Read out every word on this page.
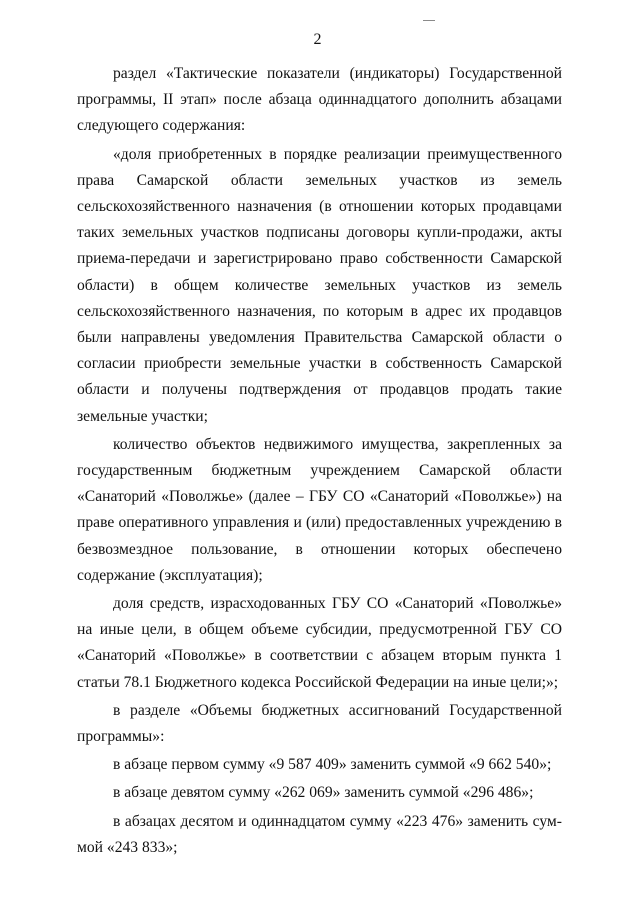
2

раздел «Тактические показатели (индикаторы) Государственной программы, II этап» после абзаца одиннадцатого дополнить абзацами следующего содержания:

«доля приобретенных в порядке реализации преимущественного права Самарской области земельных участков из земель сельскохозяйственного назначения (в отношении которых продавцами таких земельных участков подписаны договоры купли-продажи, акты приема-передачи и зарегистрировано право собственности Самарской области) в общем количестве земельных участков из земель сельскохозяйственного назначения, по которым в адрес их продавцов были направлены уведомления Правительства Самарской области о согласии приобрести земельные участки в собственность Самарской области и получены подтверждения от продавцов продать такие земельные участки;

количество объектов недвижимого имущества, закрепленных за государственным бюджетным учреждением Самарской области «Санаторий «Поволжье» (далее – ГБУ СО «Санаторий «Поволжье») на праве оперативного управления и (или) предоставленных учреждению в безвозмездное пользование, в отношении которых обеспечено содержание (эксплуатация);

доля средств, израсходованных ГБУ СО «Санаторий «Поволжье» на иные цели, в общем объеме субсидии, предусмотренной ГБУ СО «Санаторий «Поволжье» в соответствии с абзацем вторым пункта 1 статьи 78.1 Бюджетного кодекса Российской Федерации на иные цели;»;

в разделе «Объемы бюджетных ассигнований Государственной программы»:

в абзаце первом сумму «9 587 409» заменить суммой «9 662 540»;

в абзаце девятом сумму «262 069» заменить суммой «296 486»;

в абзацах десятом и одиннадцатом сумму «223 476» заменить суммой «243 833»;
